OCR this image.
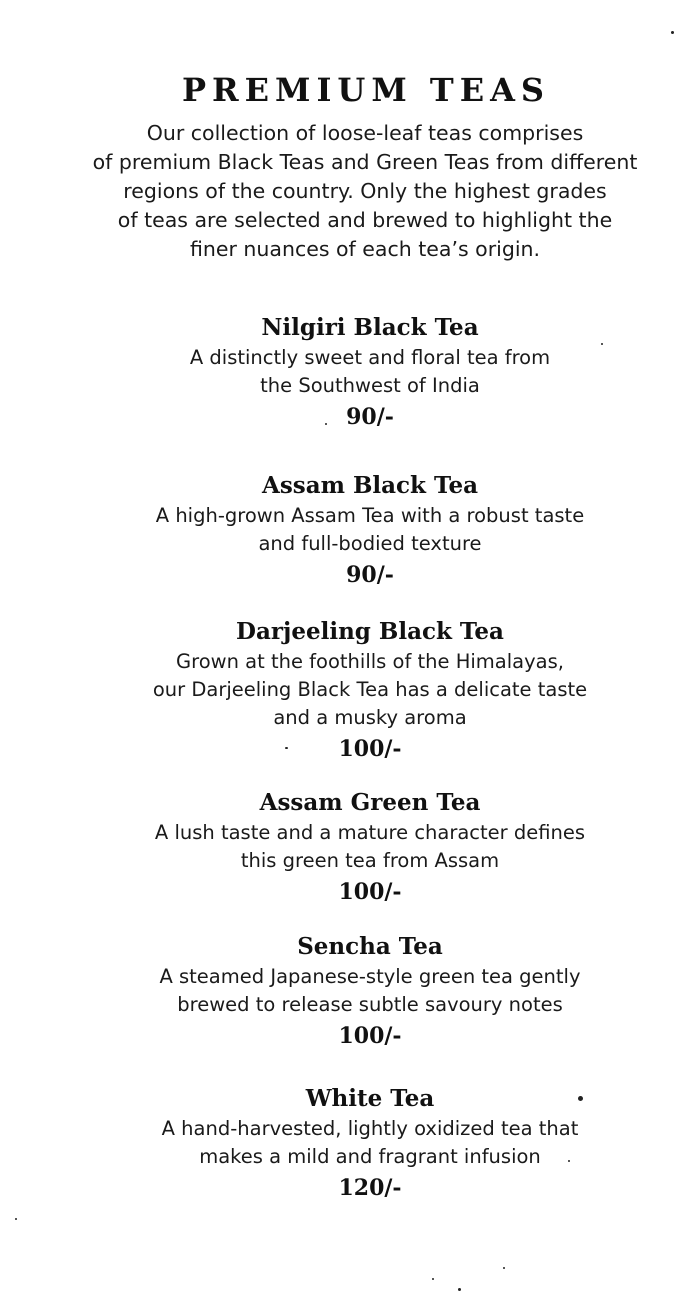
PREMIUM TEAS
Our collection of loose-leaf teas comprises
of premium Black Teas and Green Teas from different
regions of the country. Only the highest grades
of teas are selected and brewed to highlight the
finer nuances of each tea’s origin.
Nilgiri Black Tea
A distinctly sweet and floral tea from
the Southwest of India
90/-
Assam Black Tea
A high-grown Assam Tea with a robust taste
and full-bodied texture
90/-
Darjeeling Black Tea
Grown at the foothills of the Himalayas,
our Darjeeling Black Tea has a delicate taste
and a musky aroma
100/-
Assam Green Tea
A lush taste and a mature character defines
this green tea from Assam
100/-
Sencha Tea
A steamed Japanese-style green tea gently
brewed to release subtle savoury notes
100/-
White Tea
A hand-harvested, lightly oxidized tea that
makes a mild and fragrant infusion
120/-
